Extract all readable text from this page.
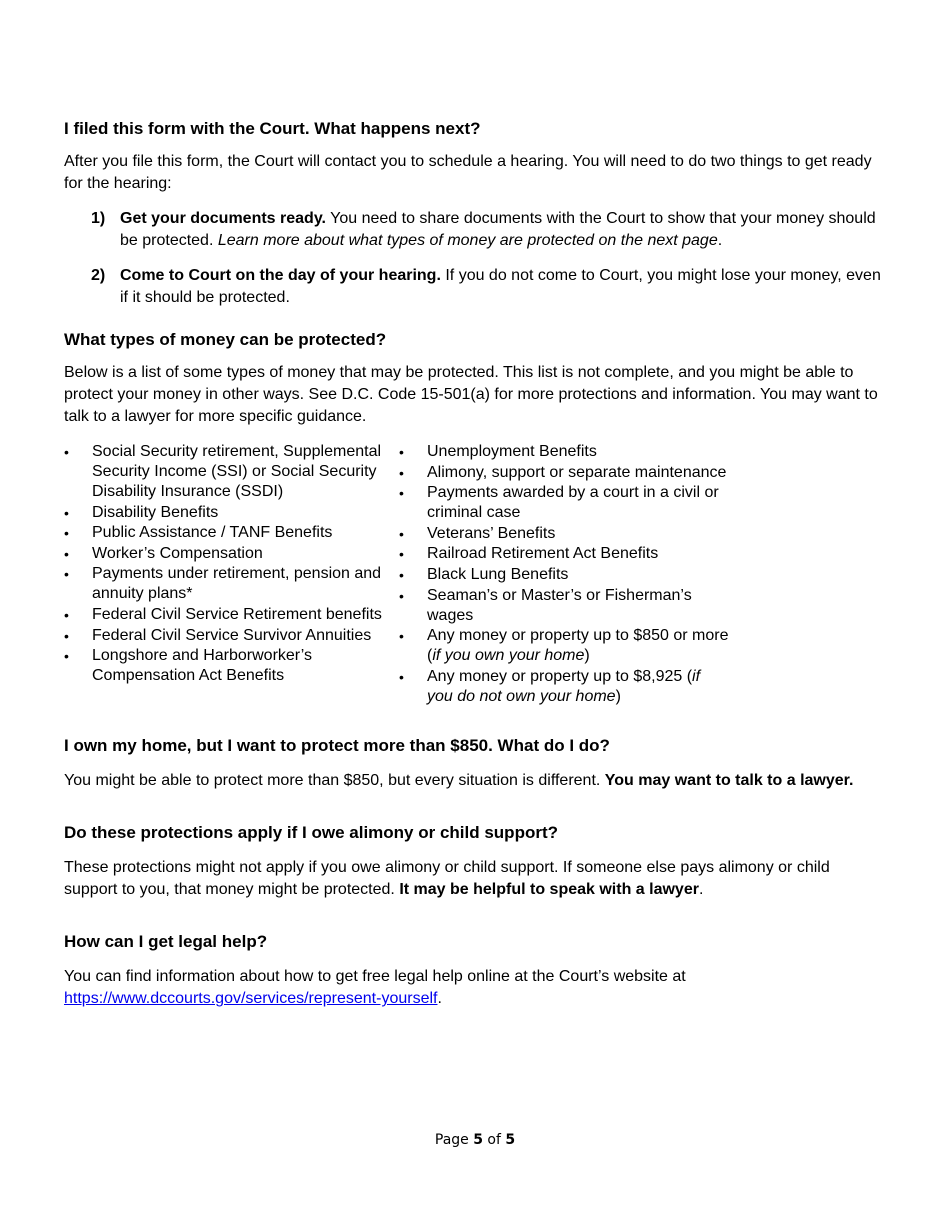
I filed this form with the Court. What happens next?

After you file this form, the Court will contact you to schedule a hearing. You will need to do two things to get ready for the hearing:

1) Get your documents ready. You need to share documents with the Court to show that your money should be protected. Learn more about what types of money are protected on the next page.
2) Come to Court on the day of your hearing. If you do not come to Court, you might lose your money, even if it should be protected.
What types of money can be protected?

Below is a list of some types of money that may be protected. This list is not complete, and you might be able to protect your money in other ways. See D.C. Code 15-501(a) for more protections and information. You may want to talk to a lawyer for more specific guidance.

• Social Security retirement, Supplemental Security Income (SSI) or Social Security Disability Insurance (SSDI)
• Disability Benefits
• Public Assistance / TANF Benefits
• Worker’s Compensation
• Payments under retirement, pension and annuity plans*
• Federal Civil Service Retirement benefits
• Federal Civil Service Survivor Annuities
• Longshore and Harborworker’s Compensation Act Benefits
• Unemployment Benefits
• Alimony, support or separate maintenance
• Payments awarded by a court in a civil or criminal case
• Veterans’ Benefits
• Railroad Retirement Act Benefits
• Black Lung Benefits
• Seaman’s or Master’s or Fisherman’s wages
• Any money or property up to $850 or more (if you own your home)
• Any money or property up to $8,925 (if you do not own your home)
I own my home, but I want to protect more than $850. What do I do?

You might be able to protect more than $850, but every situation is different. You may want to talk to a lawyer.

Do these protections apply if I owe alimony or child support?

These protections might not apply if you owe alimony or child support. If someone else pays alimony or child support to you, that money might be protected. It may be helpful to speak with a lawyer.

How can I get legal help?

You can find information about how to get free legal help online at the Court’s website at https://www.dccourts.gov/services/represent-yourself.

Page 5 of 5
